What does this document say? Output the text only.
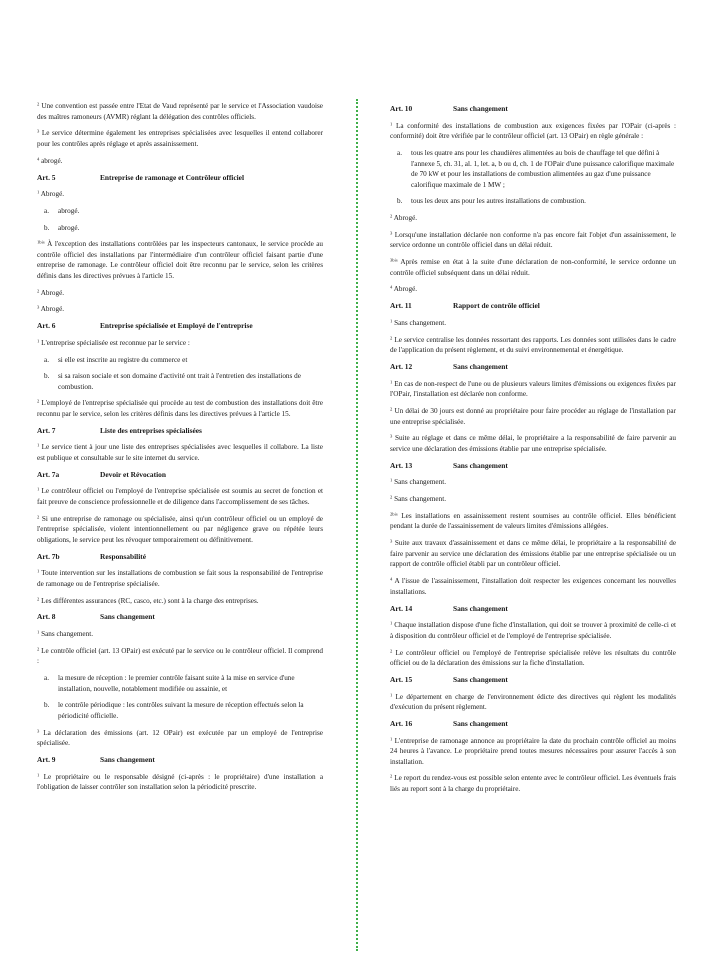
$^2$ Une convention est passée entre l'Etat de Vaud représenté par le service et l'Association vaudoise des maîtres ramoneurs (AVMR) réglant la délégation des contrôles officiels.
$^3$ Le service détermine également les entreprises spécialisées avec lesquelles il entend collaborer pour les contrôles après réglage et après assainissement.
$^4$ abrogé.
Art. 5	Entreprise de ramonage et Contrôleur officiel
$^1$ Abrogé.
a.	abrogé.
b.	abrogé.
$^{1bis}$ À l'exception des installations contrôlées par les inspecteurs cantonaux, le service procède au contrôle officiel des installations par l'intermédiaire d'un contrôleur officiel faisant partie d'une entreprise de ramonage. Le contrôleur officiel doit être reconnu par le service, selon les critères définis dans les directives prévues à l'article 15.
$^2$ Abrogé.
$^3$ Abrogé.
Art. 6	Entreprise spécialisée et Employé de l'entreprise
$^1$ L'entreprise spécialisée est reconnue par le service :
a.	si elle est inscrite au registre du commerce et
b.	si sa raison sociale et son domaine d'activité ont trait à l'entretien des installations de combustion.
$^2$ L'employé de l'entreprise spécialisée qui procède au test de combustion des installations doit être reconnu par le service, selon les critères définis dans les directives prévues à l'article 15.
Art. 7	Liste des entreprises spécialisées
$^1$ Le service tient à jour une liste des entreprises spécialisées avec lesquelles il collabore. La liste est publique et consultable sur le site internet du service.
Art. 7a	Devoir et Révocation
$^1$ Le contrôleur officiel ou l'employé de l'entreprise spécialisée est soumis au secret de fonction et fait preuve de conscience professionnelle et de diligence dans l'accomplissement de ses tâches.
$^2$ Si une entreprise de ramonage ou spécialisée, ainsi qu'un contrôleur officiel ou un employé de l'entreprise spécialisée, violent intentionnellement ou par négligence grave ou répétée leurs obligations, le service peut les révoquer temporairement ou définitivement.
Art. 7b	Responsabilité
$^1$ Toute intervention sur les installations de combustion se fait sous la responsabilité de l'entreprise de ramonage ou de l'entreprise spécialisée.
$^2$ Les différentes assurances (RC, casco, etc.) sont à la charge des entreprises.
Art. 8	Sans changement
$^1$ Sans changement.
$^2$ Le contrôle officiel (art. 13 OPair) est exécuté par le service ou le contrôleur officiel. Il comprend :
a.	la mesure de réception : le premier contrôle faisant suite à la mise en service d'une installation, nouvelle, notablement modifiée ou assainie, et
b.	le contrôle périodique : les contrôles suivant la mesure de réception effectués selon la périodicité officielle.
$^3$ La déclaration des émissions (art. 12 OPair) est exécutée par un employé de l'entreprise spécialisée.
Art. 9	Sans changement
$^1$ Le propriétaire ou le responsable désigné (ci-après : le propriétaire) d'une installation a l'obligation de laisser contrôler son installation selon la périodicité prescrite.
Art. 10	Sans changement
$^1$ La conformité des installations de combustion aux exigences fixées par l'OPair (ci-après : conformité) doit être vérifiée par le contrôleur officiel (art. 13 OPair) en règle générale :
a.	tous les quatre ans pour les chaudières alimentées au bois de chauffage tel que défini à l'annexe 5, ch. 31, al. 1, let. a, b ou d, ch. 1 de l'OPair d'une puissance calorifique maximale de 70 kW et pour les installations de combustion alimentées au gaz d'une puissance calorifique maximale de 1 MW ;
b.	tous les deux ans pour les autres installations de combustion.
$^2$ Abrogé.
$^3$ Lorsqu'une installation déclarée non conforme n'a pas encore fait l'objet d'un assainissement, le service ordonne un contrôle officiel dans un délai réduit.
$^{3bis}$ Après remise en état à la suite d'une déclaration de non-conformité, le service ordonne un contrôle officiel subséquent dans un délai réduit.
$^4$ Abrogé.
Art. 11	Rapport de contrôle officiel
$^1$ Sans changement.
$^2$ Le service centralise les données ressortant des rapports. Les données sont utilisées dans le cadre de l'application du présent règlement, et du suivi environnemental et énergétique.
Art. 12	Sans changement
$^1$ En cas de non-respect de l'une ou de plusieurs valeurs limites d'émissions ou exigences fixées par l'OPair, l'installation est déclarée non conforme.
$^2$ Un délai de 30 jours est donné au propriétaire pour faire procéder au réglage de l'installation par une entreprise spécialisée.
$^3$ Suite au réglage et dans ce même délai, le propriétaire a la responsabilité de faire parvenir au service une déclaration des émissions établie par une entreprise spécialisée.
Art. 13	Sans changement
$^1$ Sans changement.
$^2$ Sans changement.
$^{2bis}$ Les installations en assainissement restent soumises au contrôle officiel. Elles bénéficient pendant la durée de l'assainissement de valeurs limites d'émissions allégées.
$^3$ Suite aux travaux d'assainissement et dans ce même délai, le propriétaire a la responsabilité de faire parvenir au service une déclaration des émissions établie par une entreprise spécialisée ou un rapport de contrôle officiel établi par un contrôleur officiel.
$^4$ A l'issue de l'assainissement, l'installation doit respecter les exigences concernant les nouvelles installations.
Art. 14	Sans changement
$^1$ Chaque installation dispose d'une fiche d'installation, qui doit se trouver à proximité de celle-ci et à disposition du contrôleur officiel et de l'employé de l'entreprise spécialisée.
$^2$ Le contrôleur officiel ou l'employé de l'entreprise spécialisée relève les résultats du contrôle officiel ou de la déclaration des émissions sur la fiche d'installation.
Art. 15	Sans changement
$^1$ Le département en charge de l'environnement édicte des directives qui règlent les modalités d'exécution du présent règlement.
Art. 16	Sans changement
$^1$ L'entreprise de ramonage annonce au propriétaire la date du prochain contrôle officiel au moins 24 heures à l'avance. Le propriétaire prend toutes mesures nécessaires pour assurer l'accès à son installation.
$^2$ Le report du rendez-vous est possible selon entente avec le contrôleur officiel. Les éventuels frais liés au report sont à la charge du propriétaire.
